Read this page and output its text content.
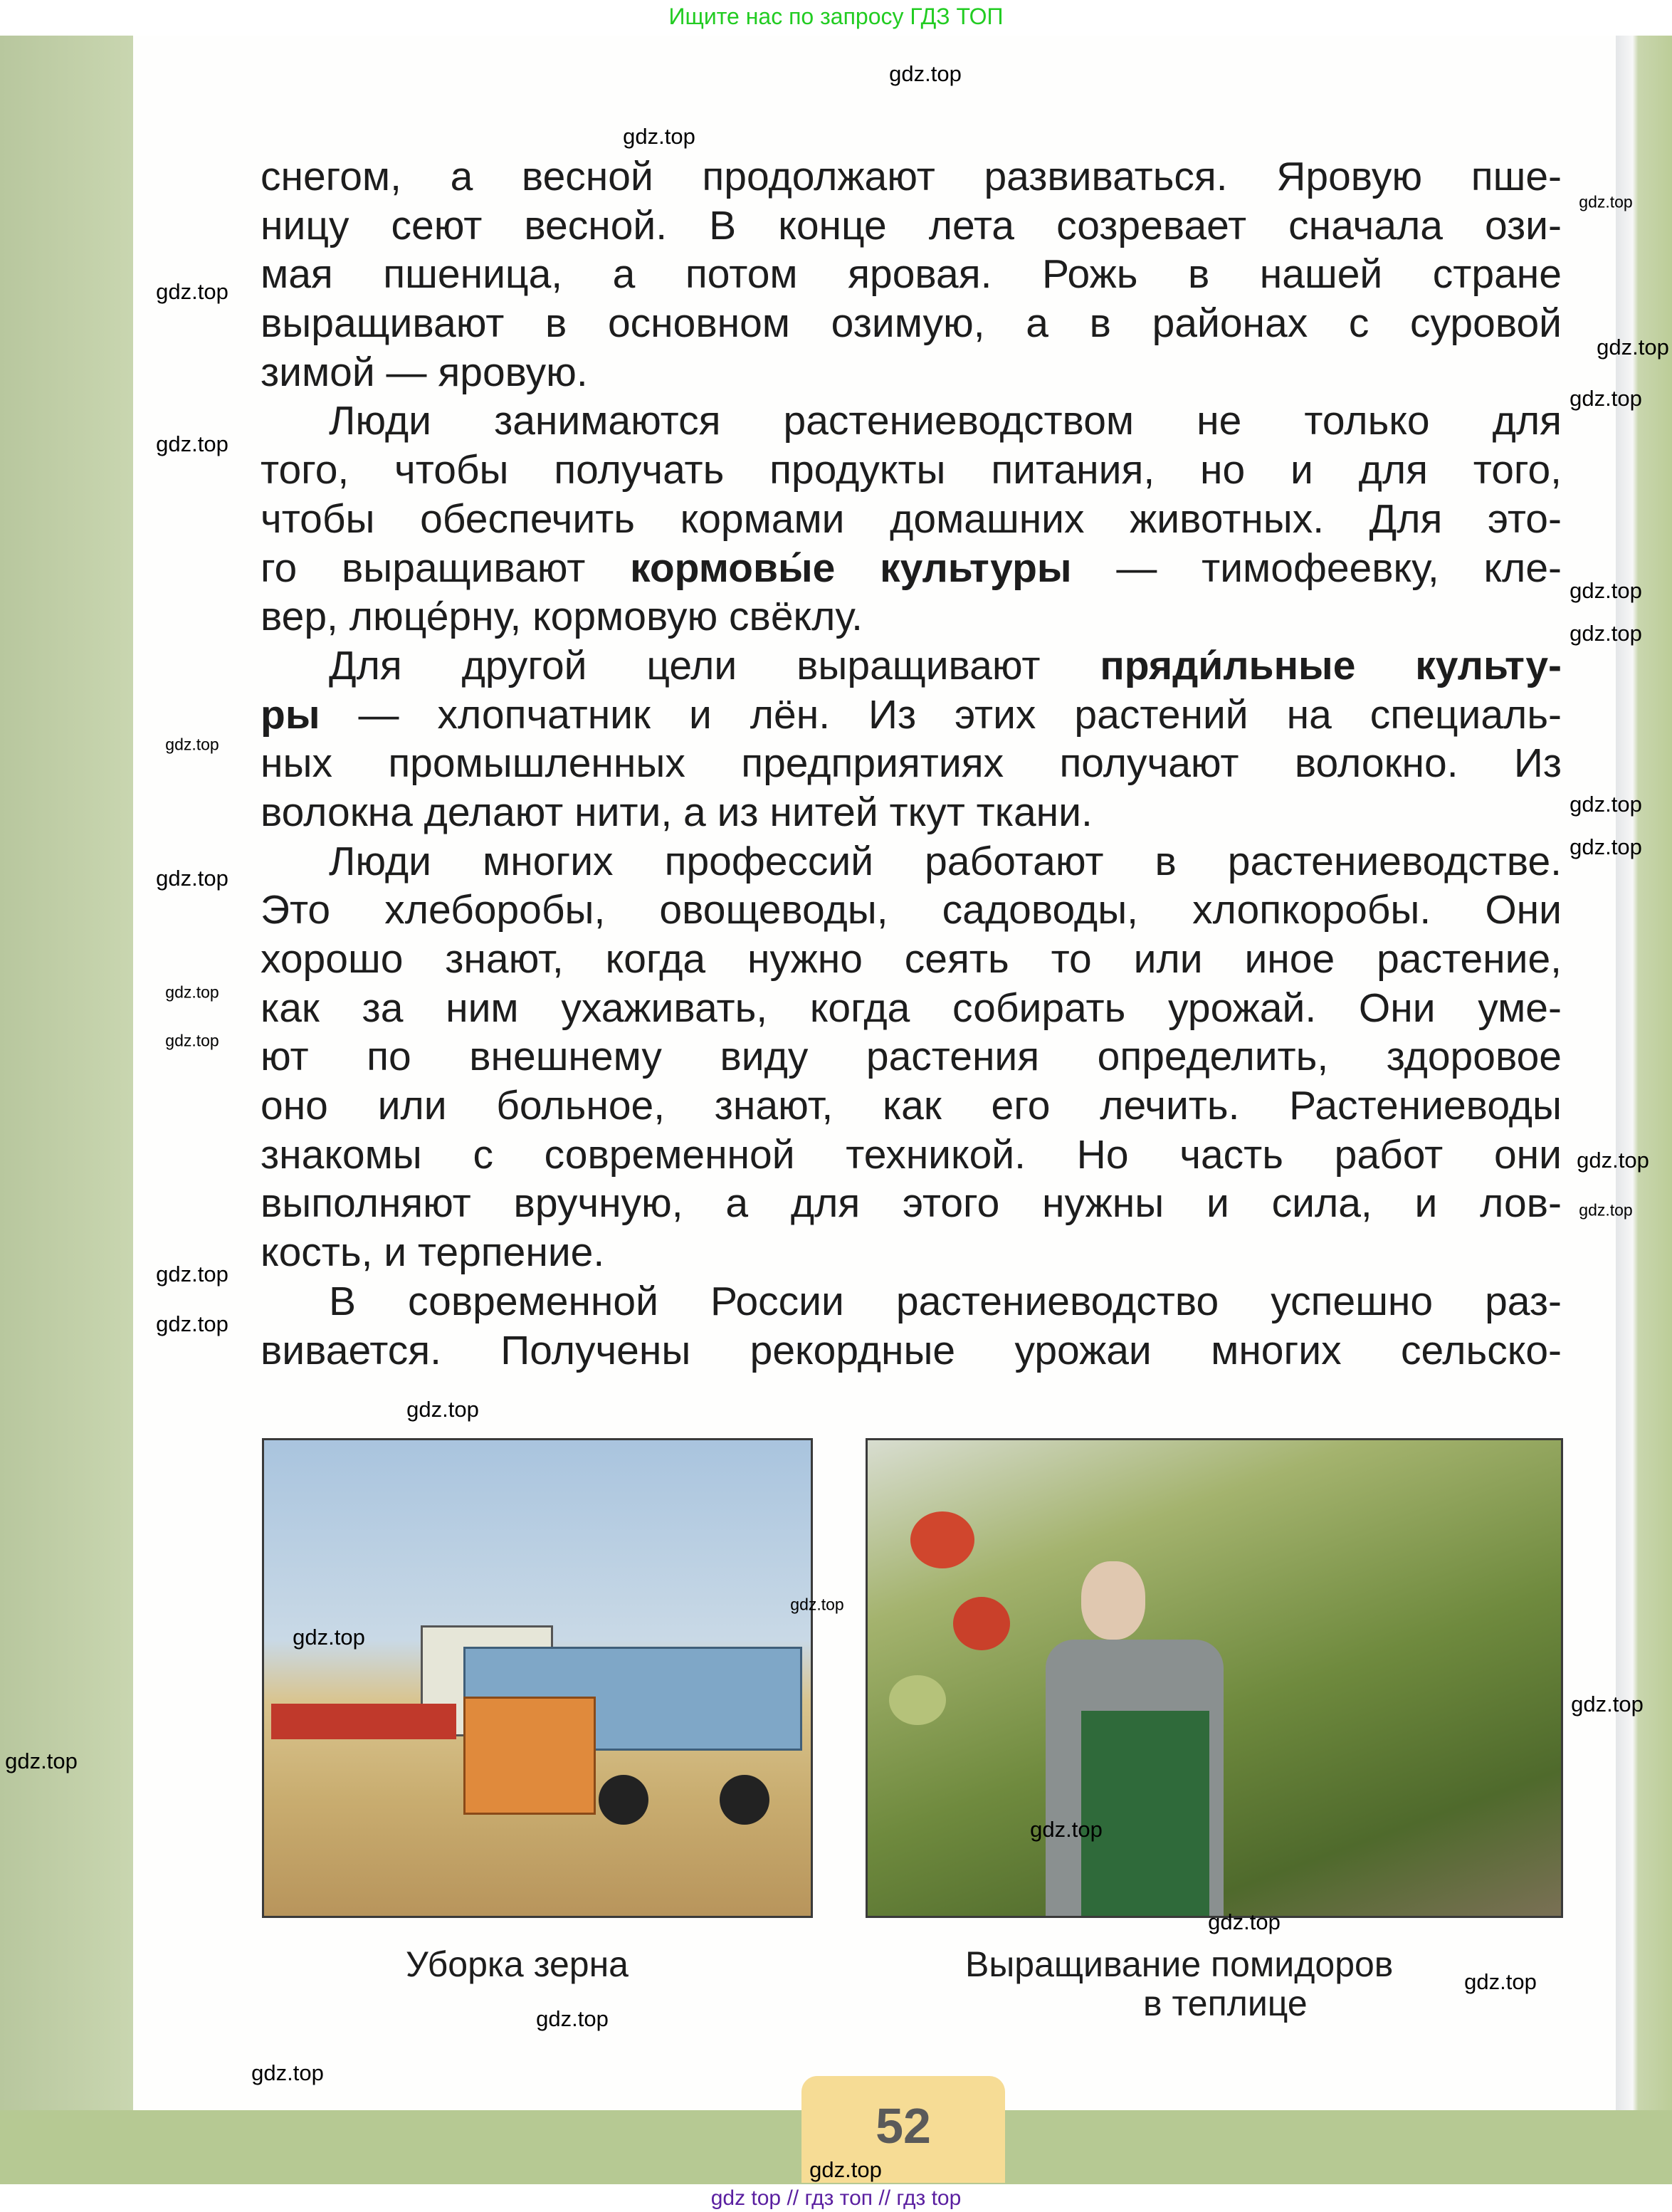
Ищите нас по запросу ГДЗ ТОП
снегом, а весной продолжают развиваться. Яровую пше-
ницу сеют весной. В конце лета созревает сначала ози-
мая пшеница, а потом яровая. Рожь в нашей стране
выращивают в основном озимую, а в районах с суровой
зимой — яровую.
Люди занимаются растениеводством не только для
того, чтобы получать продукты питания, но и для того,
чтобы обеспечить кормами домашних животных. Для это-
го выращивают кормовы́е культуры — тимофеевку, кле-
вер, люце́рну, кормовую свёклу.
Для другой цели выращивают пряди́льные культу-
ры — хлопчатник и лён. Из этих растений на специаль-
ных промышленных предприятиях получают волокно. Из
волокна делают нити, а из нитей ткут ткани.
Люди многих профессий работают в растениеводстве.
Это хлеборобы, овощеводы, садоводы, хлопкоробы. Они
хорошо знают, когда нужно сеять то или иное растение,
как за ним ухаживать, когда собирать урожай. Они уме-
ют по внешнему виду растения определить, здоровое
оно или больное, знают, как его лечить. Растениеводы
знакомы с современной техникой. Но часть работ они
выполняют вручную, а для этого нужны и сила, и лов-
кость, и терпение.
В современной России растениеводство успешно раз-
вивается. Получены рекордные урожаи многих сельско-
Уборка зерна	Выращивание помидоров
в теплице
52
gdz top // гдз топ // гдз top
gdz.top
gdz.top
gdz.top
gdz.top
gdz.top
gdz.top
gdz.top
gdz.top
gdz.top
gdz.top
gdz.top
gdz.top
gdz.top
gdz.top
gdz.top
gdz.top
gdz.top
gdz.top
gdz.top
gdz.top
gdz.top
gdz.top
gdz.top
gdz.top
gdz.top
gdz.top
gdz.top
gdz.top
gdz.top
gdz.top
